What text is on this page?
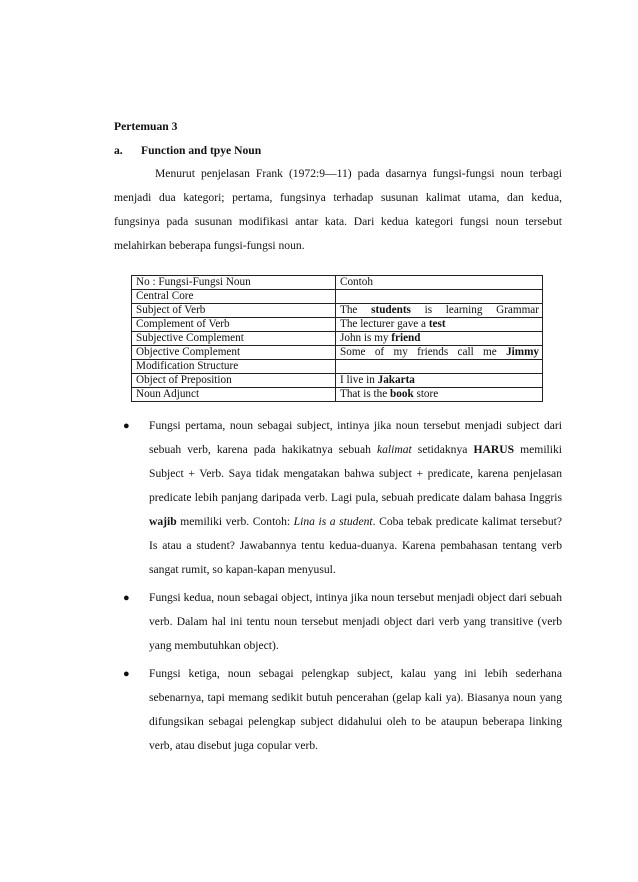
Pertemuan 3

a.	Function and tpye Noun
Menurut penjelasan Frank (1972:9—11) pada dasarnya fungsi-fungsi noun terbagi menjadi dua kategori; pertama, fungsinya terhadap susunan kalimat utama, dan kedua, fungsinya pada susunan modifikasi antar kata. Dari kedua kategori fungsi noun tersebut melahirkan beberapa fungsi-fungsi noun.
No : Fungsi-Fungsi Noun	Contoh
Central Core	
Subject of Verb	The students is learning Grammar

Complement of Verb	The lecturer gave a test
Subjective Complement	John is my friend
Objective Complement	Some of my friends call me Jimmy

Modification Structure	
Object of Preposition	I live in Jakarta
Noun Adjunct	That is the book store
● Fungsi pertama, noun sebagai subject, intinya jika noun tersebut menjadi subject dari sebuah verb, karena pada hakikatnya sebuah kalimat setidaknya HARUS memiliki Subject + Verb. Saya tidak mengatakan bahwa subject + predicate, karena penjelasan predicate lebih panjang daripada verb. Lagi pula, sebuah predicate dalam bahasa Inggris wajib memiliki verb. Contoh: Lina is a student. Coba tebak predicate kalimat tersebut? Is atau a student? Jawabannya tentu kedua-duanya. Karena pembahasan tentang verb sangat rumit, so kapan-kapan menyusul.
● Fungsi kedua, noun sebagai object, intinya jika noun tersebut menjadi object dari sebuah verb. Dalam hal ini tentu noun tersebut menjadi object dari verb yang transitive (verb yang membutuhkan object).
● Fungsi ketiga, noun sebagai pelengkap subject, kalau yang ini lebih sederhana sebenarnya, tapi memang sedikit butuh pencerahan (gelap kali ya). Biasanya noun yang difungsikan sebagai pelengkap subject didahului oleh to be ataupun beberapa linking verb, atau disebut juga copular verb.
